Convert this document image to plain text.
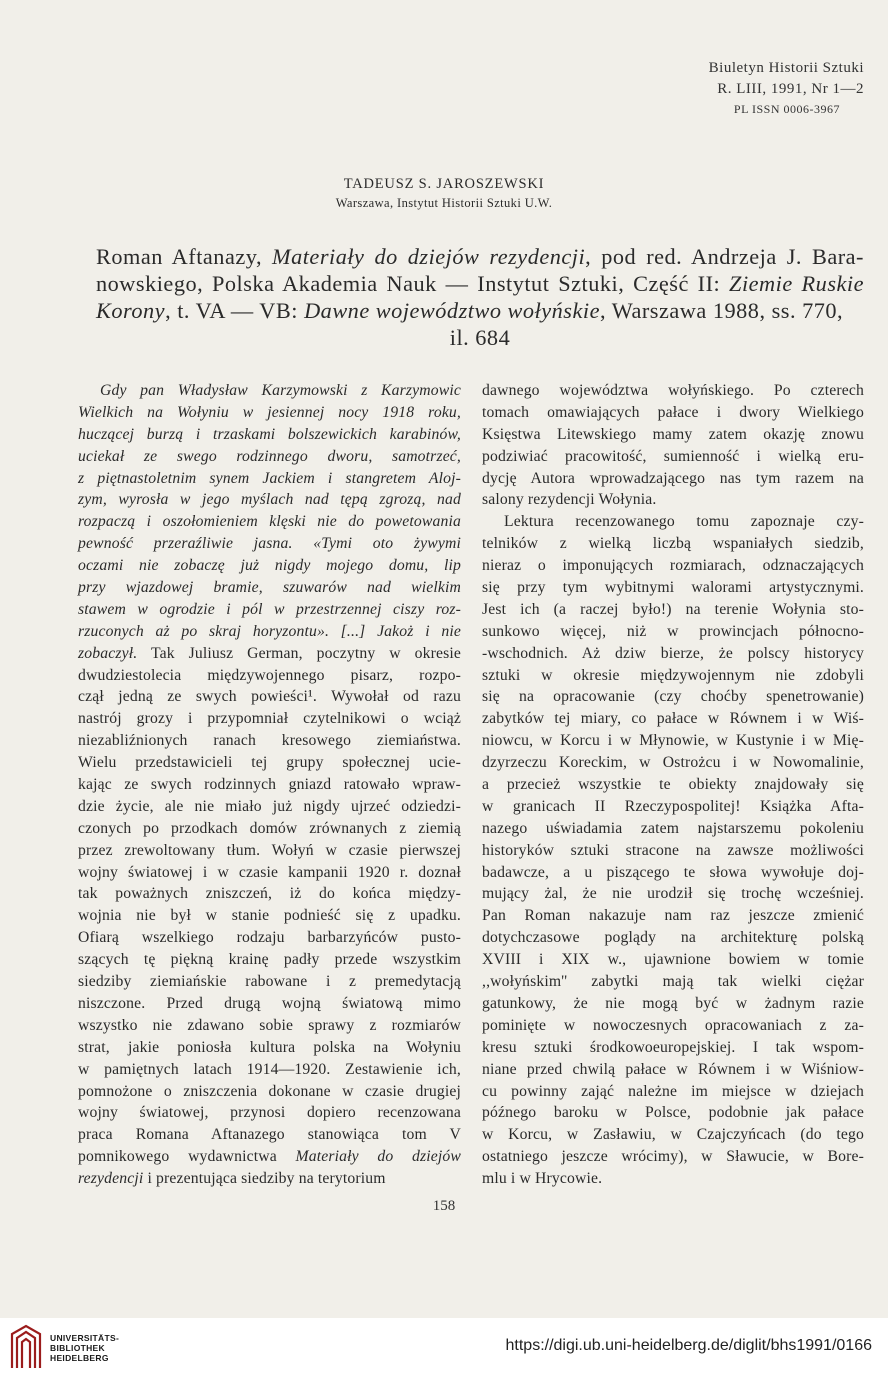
Biuletyn Historii Sztuki
R. LIII, 1991, Nr 1—2
PL ISSN 0006-3967
TADEUSZ S. JAROSZEWSKI
Warszawa, Instytut Historii Sztuki U.W.
Roman Aftanazy, Materiały do dziejów rezydencji, pod red. Andrzeja J. Bara- nowskiego, Polska Akademia Nauk — Instytut Sztuki, Część II: Ziemie Ruskie Korony, t. VA — VB: Dawne województwo wołyńskie, Warszawa 1988, ss. 770,
il. 684
Gdy pan Władysław Karzymowski z Karzymowic
Wielkich na Wołyniu w jesiennej nocy 1918 roku,
huczącej burzą i trzaskami bolszewickich karabinów,
uciekał ze swego rodzinnego dworu, samotrzeć,
z piętnastoletnim synem Jackiem i stangretem Aloj-
zym, wyrosła w jego myślach nad tępą zgrozą, nad
rozpaczą i oszołomieniem klęski nie do powetowania
pewność przeraźliwie jasna. «Tymi oto żywymi
oczami nie zobaczę już nigdy mojego domu, lip
przy wjazdowej bramie, szuwarów nad wielkim
stawem w ogrodzie i pól w przestrzennej ciszy roz-
rzuconych aż po skraj horyzontu». [...] Jakoż i nie
zobaczył. Tak Juliusz German, poczytny w okresie
dwudziestolecia międzywojennego pisarz, rozpo-
czął jedną ze swych powieści¹. Wywołał od razu
nastrój grozy i przypomniał czytelnikowi o wciąż
niezabliźnionych ranach kresowego ziemiaństwa.
Wielu przedstawicieli tej grupy społecznej ucie-
kając ze swych rodzinnych gniazd ratowało wpraw-
dzie życie, ale nie miało już nigdy ujrzeć odziedzi-
czonych po przodkach domów zrównanych z ziemią
przez zrewoltowany tłum. Wołyń w czasie pierwszej
wojny światowej i w czasie kampanii 1920 r. doznał
tak poważnych zniszczeń, iż do końca między-
wojnia nie był w stanie podnieść się z upadku.
Ofiarą wszelkiego rodzaju barbarzyńców pusto-
szących tę piękną krainę padły przede wszystkim
siedziby ziemiańskie rabowane i z premedytacją
niszczone. Przed drugą wojną światową mimo
wszystko nie zdawano sobie sprawy z rozmiarów
strat, jakie poniosła kultura polska na Wołyniu
w pamiętnych latach 1914—1920. Zestawienie ich,
pomnożone o zniszczenia dokonane w czasie drugiej
wojny światowej, przynosi dopiero recenzowana
praca Romana Aftanazego stanowiąca tom V
pomnikowego wydawnictwa Materiały do dziejów
rezydencji i prezentująca siedziby na terytorium
dawnego województwa wołyńskiego. Po czterech
tomach omawiających pałace i dwory Wielkiego
Księstwa Litewskiego mamy zatem okazję znowu
podziwiać pracowitość, sumienność i wielką eru-
dycję Autora wprowadzającego nas tym razem na
salony rezydencji Wołynia.
Lektura recenzowanego tomu zapoznaje czy-
telników z wielką liczbą wspaniałych siedzib,
nieraz o imponujących rozmiarach, odznaczających
się przy tym wybitnymi walorami artystycznymi.
Jest ich (a raczej było!) na terenie Wołynia sto-
sunkowo więcej, niż w prowincjach północno-
-wschodnich. Aż dziw bierze, że polscy historycy
sztuki w okresie międzywojennym nie zdobyli
się na opracowanie (czy choćby spenetrowanie)
zabytków tej miary, co pałace w Równem i w Wiś-
niowcu, w Korcu i w Młynowie, w Kustynie i w Mię-
dzyrzeczu Koreckim, w Ostrożcu i w Nowomalinie,
a przecież wszystkie te obiekty znajdowały się
w granicach II Rzeczypospolitej! Książka Afta-
nazego uświadamia zatem najstarszemu pokoleniu
historyków sztuki stracone na zawsze możliwości
badawcze, a u piszącego te słowa wywołuje doj-
mujący żal, że nie urodził się trochę wcześniej.
Pan Roman nakazuje nam raz jeszcze zmienić
dotychczasowe poglądy na architekturę polską
XVIII i XIX w., ujawnione bowiem w tomie
,,wołyńskim'' zabytki mają tak wielki ciężar
gatunkowy, że nie mogą być w żadnym razie
pominięte w nowoczesnych opracowaniach z za-
kresu sztuki środkowoeuropejskiej. I tak wspom-
niane przed chwilą pałace w Równem i w Wiśniow-
cu powinny zająć należne im miejsce w dziejach
późnego baroku w Polsce, podobnie jak pałace
w Korcu, w Zasławiu, w Czajczyńcach (do tego
ostatniego jeszcze wrócimy), w Sławucie, w Bore-
mlu i w Hrycowie.
158
UNIVERSITÄTS-
BIBLIOTHEK
HEIDELBERG
https://digi.ub.uni-heidelberg.de/diglit/bhs1991/0166
